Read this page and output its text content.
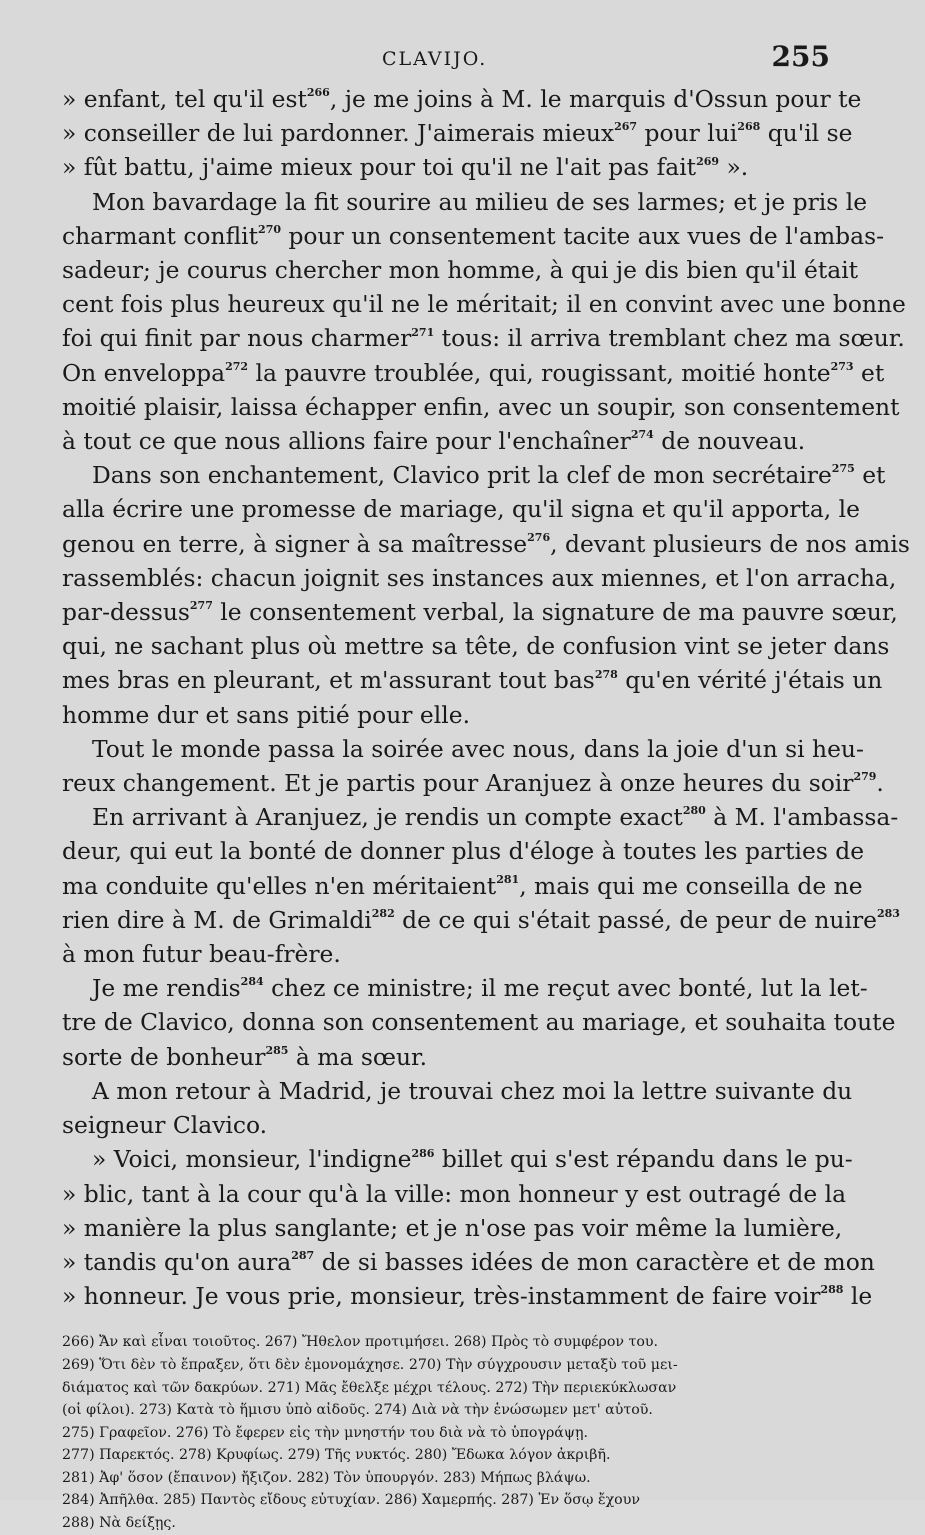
CLAVIJO.	255
» enfant, tel qu'il est$^{266}$, je me joins à M. le marquis d'Ossun pour te
» conseiller de lui pardonner. J'aimerais mieux$^{267}$ pour lui$^{268}$ qu'il se
» fût battu, j'aime mieux pour toi qu'il ne l'ait pas fait$^{269}$ ».
Mon bavardage la fit sourire au milieu de ses larmes; et je pris le
charmant conflit$^{270}$ pour un consentement tacite aux vues de l'ambas-
sadeur; je courus chercher mon homme, à qui je dis bien qu'il était
cent fois plus heureux qu'il ne le méritait; il en convint avec une bonne
foi qui finit par nous charmer$^{271}$ tous: il arriva tremblant chez ma sœur.
On enveloppa$^{272}$ la pauvre troublée, qui, rougissant, moitié honte$^{273}$ et
moitié plaisir, laissa échapper enfin, avec un soupir, son consentement
à tout ce que nous allions faire pour l'enchaîner$^{274}$ de nouveau.
Dans son enchantement, Clavico prit la clef de mon secrétaire$^{275}$ et
alla écrire une promesse de mariage, qu'il signa et qu'il apporta, le
genou en terre, à signer à sa maîtresse$^{276}$, devant plusieurs de nos amis
rassemblés: chacun joignit ses instances aux miennes, et l'on arracha,
par-dessus$^{277}$ le consentement verbal, la signature de ma pauvre sœur,
qui, ne sachant plus où mettre sa tête, de confusion vint se jeter dans
mes bras en pleurant, et m'assurant tout bas$^{278}$ qu'en vérité j'étais un
homme dur et sans pitié pour elle.
Tout le monde passa la soirée avec nous, dans la joie d'un si heu-
reux changement. Et je partis pour Aranjuez à onze heures du soir$^{279}$.
En arrivant à Aranjuez, je rendis un compte exact$^{280}$ à M. l'ambassa-
deur, qui eut la bonté de donner plus d'éloge à toutes les parties de
ma conduite qu'elles n'en méritaient$^{281}$, mais qui me conseilla de ne
rien dire à M. de Grimaldi$^{282}$ de ce qui s'était passé, de peur de nuire$^{283}$
à mon futur beau-frère.
Je me rendis$^{284}$ chez ce ministre; il me reçut avec bonté, lut la let-
tre de Clavico, donna son consentement au mariage, et souhaita toute
sorte de bonheur$^{285}$ à ma sœur.
A mon retour à Madrid, je trouvai chez moi la lettre suivante du
seigneur Clavico.
» Voici, monsieur, l'indigne$^{286}$ billet qui s'est répandu dans le pu-
» blic, tant à la cour qu'à la ville: mon honneur y est outragé de la
» manière la plus sanglante; et je n'ose pas voir même la lumière,
» tandis qu'on aura$^{287}$ de si basses idées de mon caractère et de mon
» honneur. Je vous prie, monsieur, très-instamment de faire voir$^{288}$ le
266) Ἄν καὶ εἶναι τοιοῦτος. 267) Ἤθελον προτιμήσει. 268) Πρὸς τὸ συμφέρον του.
269) Ὅτι δὲν τὸ ἔπραξεν, ὅτι δὲν ἐμονομάχησε. 270) Τὴν σύγχρουσιν μεταξὺ τοῦ μει-
διάματος καὶ τῶν δακρύων. 271) Μᾶς ἔθελξε μέχρι τέλους. 272) Τὴν περιεκύκλωσαν
(οἱ φίλοι). 273) Κατὰ τὸ ἥμισυ ὑπὸ αἰδοῦς. 274) Διὰ νὰ τὴν ἑνώσωμεν μετ' αὐτοῦ.
275) Γραφεῖον. 276) Τὸ ἔφερεν εἰς τὴν μνηστήν του διὰ νὰ τὸ ὑπογράψῃ.
277) Παρεκτός. 278) Κρυφίως. 279) Τῆς νυκτός. 280) Ἔδωκα λόγον ἀκριβῆ.
281) Ἀφ' ὅσον (ἔπαινον) ἤξιζον. 282) Τὸν ὑπουργόν. 283) Μήπως βλάψω.
284) Ἀπῆλθα. 285) Παντὸς εἴδους εὐτυχίαν. 286) Χαμερπής. 287) Ἐν ὅσῳ ἔχουν
288) Νὰ δείξῃς.
